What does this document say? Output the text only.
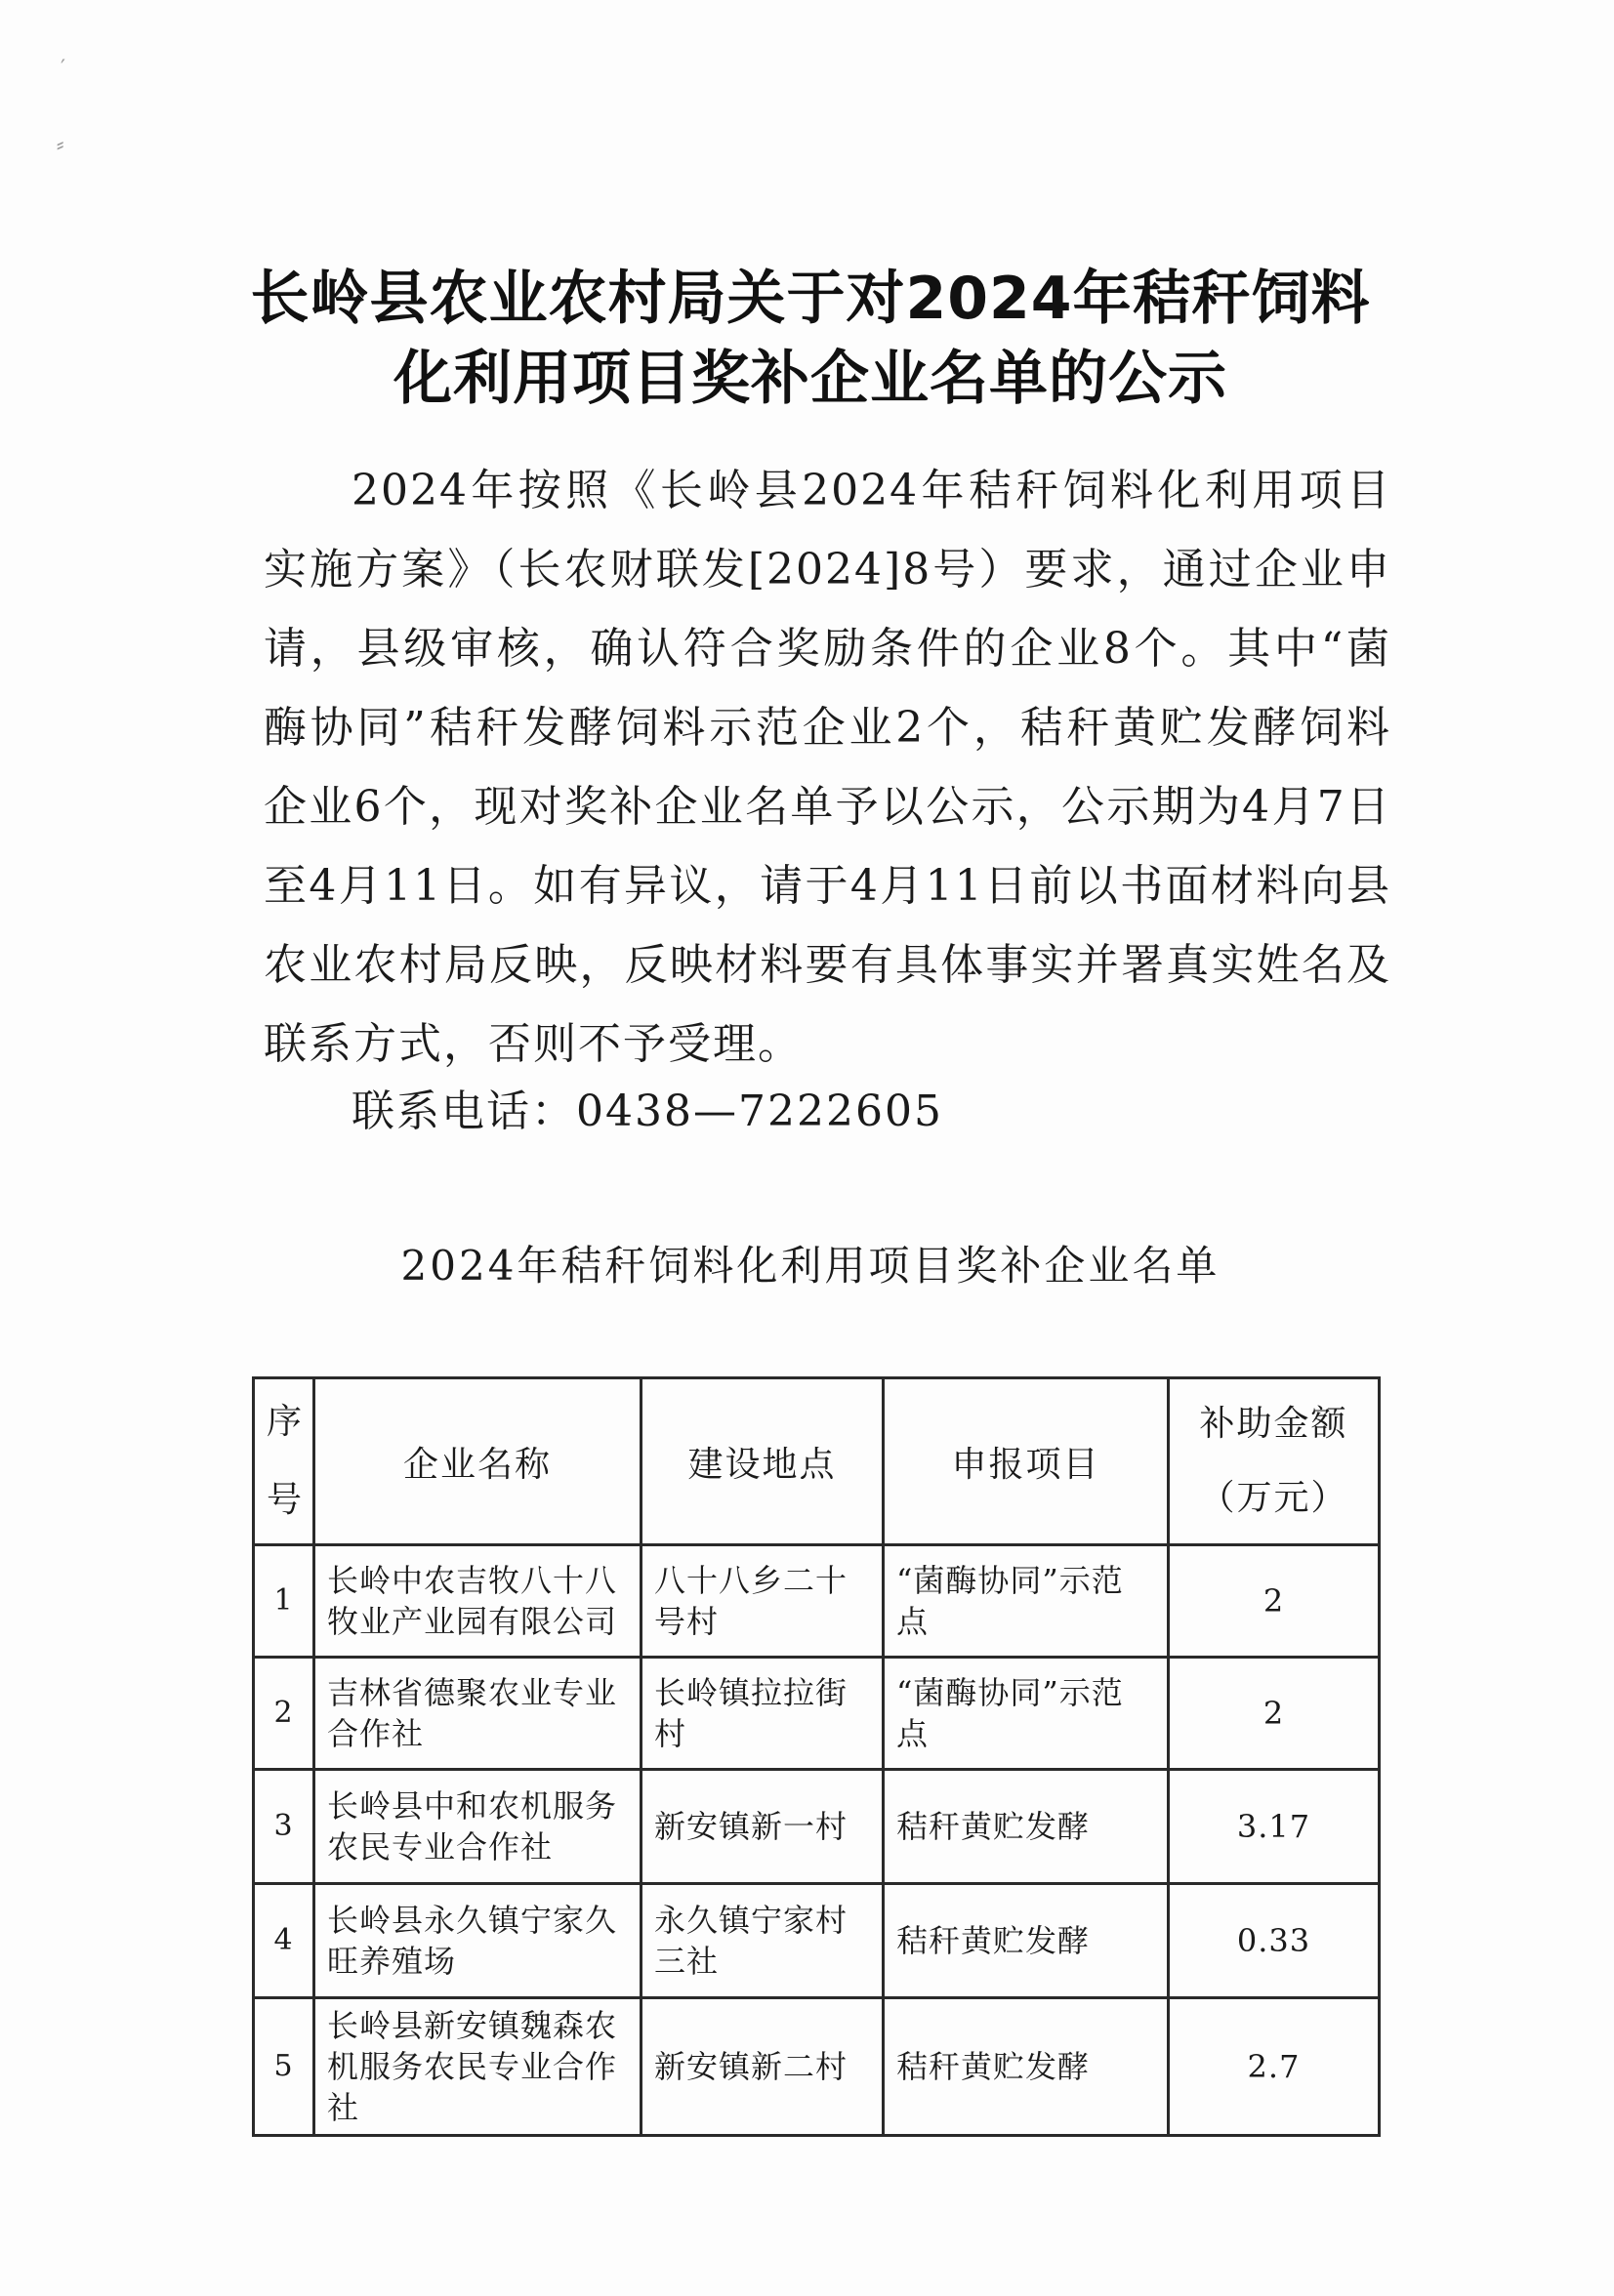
′
⸗
长岭县农业农村局关于对2024年秸秆饲料
化利用项目奖补企业名单的公示
2024年按照《长岭县2024年秸秆饲料化利用项目实施方案》（长农财联发[2024]8号）要求，通过企业申请，县级审核，确认符合奖励条件的企业8个。其中“菌酶协同”秸秆发酵饲料示范企业2个，秸秆黄贮发酵饲料企业6个，现对奖补企业名单予以公示，公示期为4月7日至4月11日。如有异议，请于4月11日前以书面材料向县农业农村局反映，反映材料要有具体事实并署真实姓名及联系方式，否则不予受理。
联系电话：0438—7222605
2024年秸秆饲料化利用项目奖补企业名单
序号	企业名称	建设地点	申报项目	补助金额（万元）
1	长岭中农吉牧八十八牧业产业园有限公司	八十八乡二十号村	“菌酶协同”示范点	2
2	吉林省德聚农业专业合作社	长岭镇拉拉街村	“菌酶协同”示范点	2
3	长岭县中和农机服务农民专业合作社	新安镇新一村	秸秆黄贮发酵	3.17
4	长岭县永久镇宁家久旺养殖场	永久镇宁家村三社	秸秆黄贮发酵	0.33
5	长岭县新安镇魏森农机服务农民专业合作社	新安镇新二村	秸秆黄贮发酵	2.7
